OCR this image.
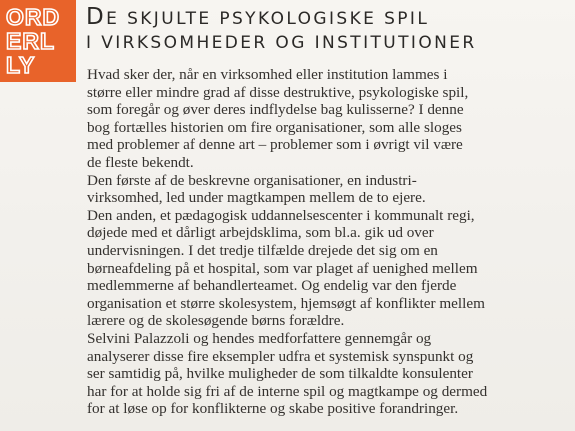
ORD
ERL
LY
DE SKJULTE PSYKOLOGISKE SPIL
I VIRKSOMHEDER OG INSTITUTIONER
Hvad sker der, når en virksomhed eller institution lammes i
større eller mindre grad af disse destruktive, psykologiske spil,
som foregår og øver deres indflydelse bag kulisserne? I denne
bog fortælles historien om fire organisationer, som alle sloges
med problemer af denne art – problemer som i øvrigt vil være
de fleste bekendt.
Den første af de beskrevne organisationer, en industri-
virksomhed, led under magtkampen mellem de to ejere.
Den anden, et pædagogisk uddannelsescenter i kommunalt regi,
døjede med et dårligt arbejdsklima, som bl.a. gik ud over
undervisningen. I det tredje tilfælde drejede det sig om en
børneafdeling på et hospital, som var plaget af uenighed mellem
medlemmerne af behandlerteamet. Og endelig var den fjerde
organisation et større skolesystem, hjemsøgt af konflikter mellem
lærere og de skolesøgende børns forældre.
Selvini Palazzoli og hendes medforfattere gennemgår og
analyserer disse fire eksempler udfra et systemisk synspunkt og
ser samtidig på, hvilke muligheder de som tilkaldte konsulenter
har for at holde sig fri af de interne spil og magtkampe og dermed
for at løse op for konflikterne og skabe positive forandringer.
